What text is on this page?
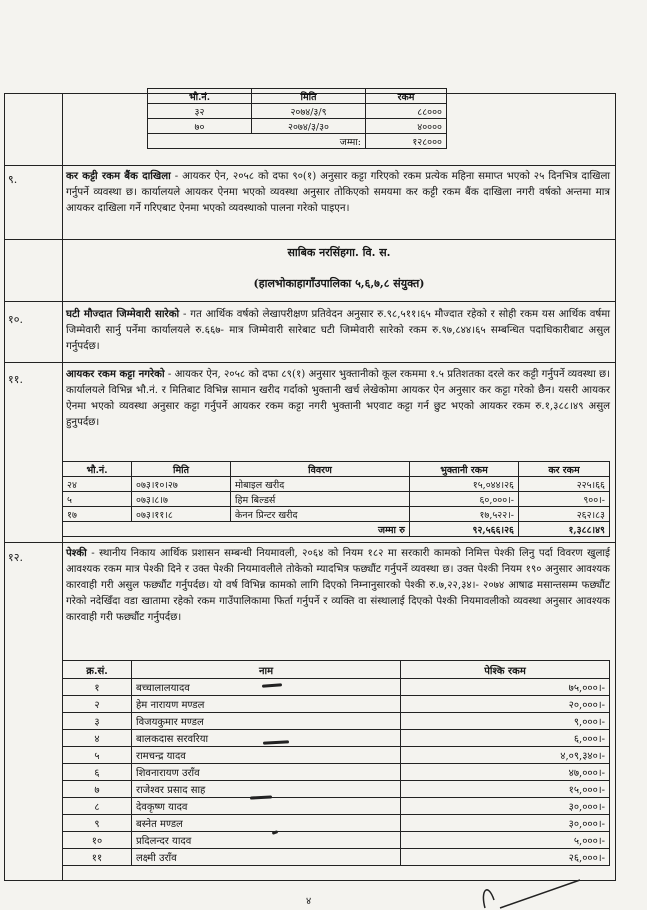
भौ.नं.	मिति	रकम
३२	२०७४/३/९	८८०००
७०	२०७४/३/३०	४००००
जम्मा:		१२८०००
९.	कर कट्टी रकम बैंक दाखिला - आयकर ऐन, २०५८ को दफा ९०(१) अनुसार कट्टा गरिएको रकम प्रत्येक महिना समाप्त भएको २५ दिनभित्र दाखिला गर्नुपर्ने व्यवस्था छ। कार्यालयले आयकर ऐनमा भएको व्यवस्था अनुसार तोकिएको समयमा कर कट्टी रकम बैंक दाखिला नगरी वर्षको अन्तमा मात्र आयकर दाखिला गर्ने गरिएबाट ऐनमा भएको व्यवस्थाको पालना गरेको पाइएन।
साबिक नरसिंहगा. वि. स.
(हालभोकाहागाँउपालिका ५,६,७,८ संयुक्त)
१०.	घटी मौज्दात जिम्मेवारी सारेको - गत आर्थिक वर्षको लेखापरीक्षण प्रतिवेदन अनुसार रु.९८,५११।६५ मौज्दात रहेको र सोही रकम यस आर्थिक वर्षमा जिम्मेवारी सार्नु पर्नेमा कार्यालयले रु.६६७- मात्र जिम्मेवारी सारेबाट घटी जिम्मेवारी सारेको रकम रु.९७,८४४।६५ सम्बन्धित पदाधिकारीबाट असुल गर्नुपर्दछ।
११.	आयकर रकम कट्टा नगरेको - आयकर ऐन, २०५८ को दफा ८९(१) अनुसार भुक्तानीको कूल रकममा १.५ प्रतिशतका दरले कर कट्टी गर्नुपर्ने व्यवस्था छ। कार्यालयले विभिन्न भौ.नं. र मितिबाट विभिन्न सामान खरीद गर्दाको भुक्तानी खर्च लेखेकोमा आयकर ऐन अनुसार कर कट्टा गरेको छैन। यसरी आयकर ऐनमा भएको व्यवस्था अनुसार कट्टा गर्नुपर्ने आयकर रकम कट्टा नगरी भुक्तानी भएवाट कट्टा गर्न छुट भएको आयकर रकम रु.१,३८८।४९ असुल हुनुपर्दछ।
भौ.नं.	मिति	विवरण	भुक्तानी रकम	कर रकम
२४	०७३।१०।२७	मोबाइल खरीद	१५,०४४।२६	२२५।६६
५	०७३।८।७	हिम बिल्डर्स	६०,०००।-	९००।-
१७	०७३।११।८	केनन प्रिन्टर खरीद	१७,५२२।-	२६२।८३
जम्मा रु			९२,५६६।२६	१,३८८।४९
१२.	पेश्की - स्थानीय निकाय आर्थिक प्रशासन सम्बन्धी नियमावली, २०६४ को नियम १८२ मा सरकारी कामको निमित्त पेश्की लिनु पर्दा विवरण खुलाई आवश्यक रकम मात्र पेश्की दिने र उक्त पेश्की नियमावलीले तोकेको म्यादभित्र फछ्यौंट गर्नुपर्ने व्यवस्था छ। उक्त पेश्की नियम १९० अनुसार आवश्यक कारवाही गरी असुल फछ्यौंट गर्नुपर्दछ। यो वर्ष विभिन्न कामको लागि दिएको निम्नानुसारको पेश्की रु.७,२२,३४।- २०७४ आषाढ मसान्तसम्म फछ्यौंट गरेको नदेखिँदा वडा खातामा रहेको रकम गाउँपालिकामा फिर्ता गर्नुपर्ने र व्यक्ति वा संस्थालाई दिएको पेश्की नियमावलीको व्यवस्था अनुसार आवश्यक कारवाही गरी फछ्यौंट गर्नुपर्दछ।
क्र.सं.	नाम	पेश्कि रकम
१	बच्चालालयादव	७५,०००।-
२	हेम नारायण मण्डल	२०,०००।-
३	विजयकुमार मण्डल	९,०००।-
४	बालकदास सरवरिया	६,०००।-
५	रामचन्द्र यादव	४,०९,३४०।-
६	शिवनारायण उराँव	४७,०००।-
७	राजेश्वर प्रसाद साह	१५,०००।-
८	देवकृष्ण यादव	३०,०००।-
९	बस्नेत मण्डल	३०,०००।-
१०	प्रदिलन्दर यादव	५,०००।-
११	लक्ष्मी उराँव	२६,०००।-
४
